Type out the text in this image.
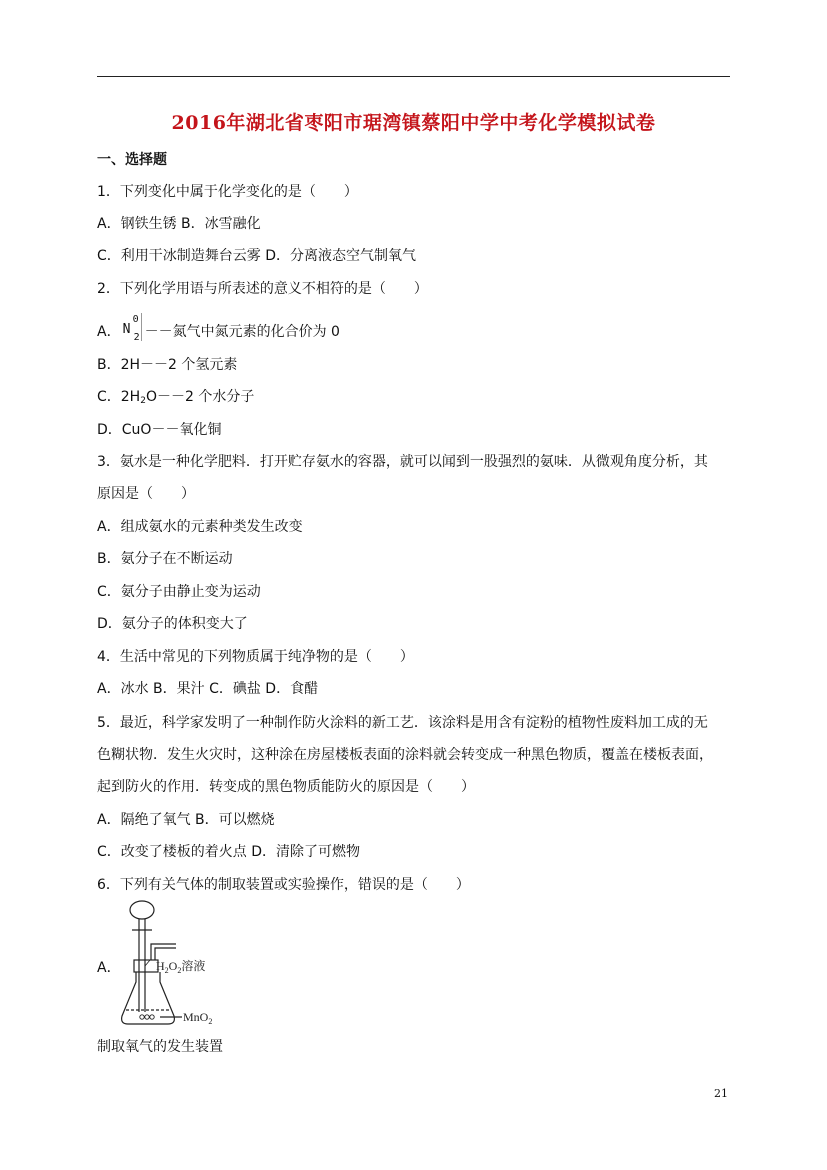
2016年湖北省枣阳市琚湾镇蔡阳中学中考化学模拟试卷
一、选择题
1．下列变化中属于化学变化的是（　　）
A．钢铁生锈 B．冰雪融化
C．利用干冰制造舞台云雾 D．分离液态空气制氧气
2．下列化学用语与所表述的意义不相符的是（　　）
A．
0
N
2 －－氮气中氮元素的化合价为 0
B．2H－－2 个氢元素
C．$2H_2O--2$ 个水分子
D．CuO－－氧化铜
3．氨水是一种化学肥料．打开贮存氨水的容器，就可以闻到一股强烈的氨味．从微观角度分析，其
原因是（　　）
A．组成氨水的元素种类发生改变
B．氨分子在不断运动
C．氨分子由静止变为运动
D．氨分子的体积变大了
4．生活中常见的下列物质属于纯净物的是（　　）
A．冰水 B．果汁 C．碘盐 D．食醋
5．最近，科学家发明了一种制作防火涂料的新工艺．该涂料是用含有淀粉的植物性废料加工成的无
色糊状物．发生火灾时，这种涂在房屋楼板表面的涂料就会转变成一种黑色物质，覆盖在楼板表面，
起到防火的作用．转变成的黑色物质能防火的原因是（　　）
A．隔绝了氧气 B．可以燃烧
C．改变了楼板的着火点 D．清除了可燃物
6．下列有关气体的制取装置或实验操作，错误的是（　　）
A．	$H_2O_2$溶液
MnO$_2$
制取氧气的发生装置
21
